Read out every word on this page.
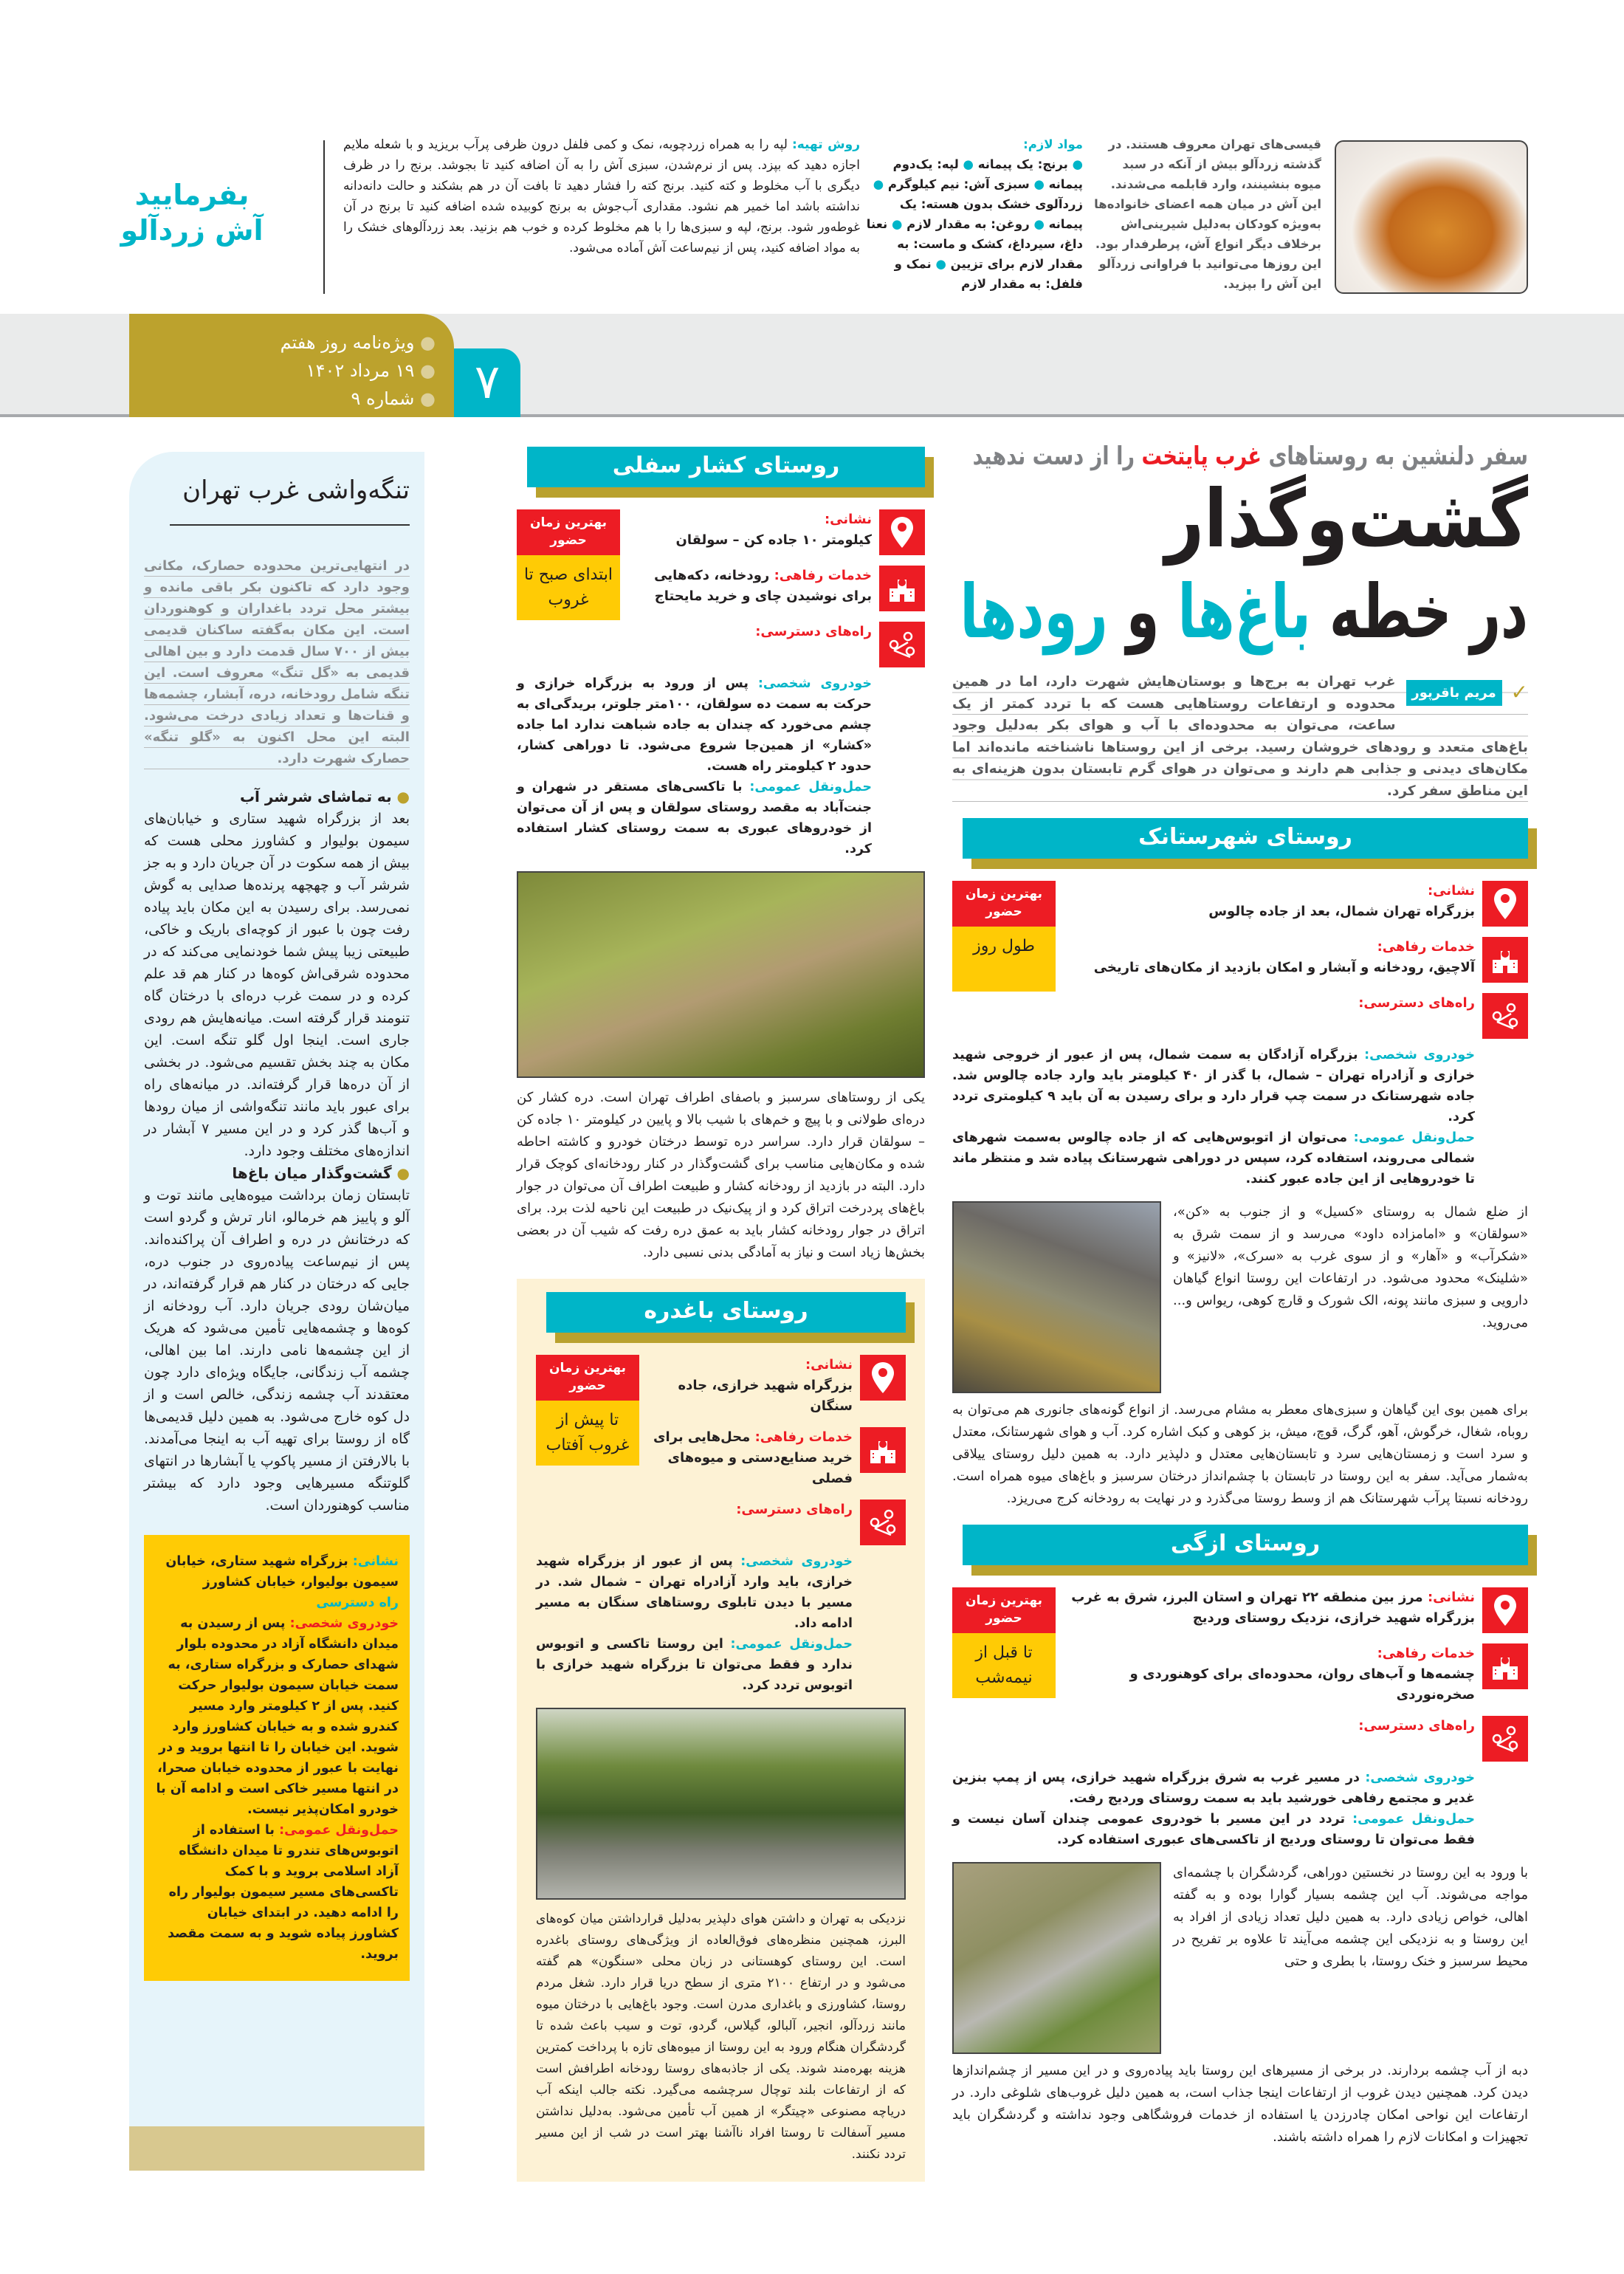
بفرمایید
آش زردآلو
روش تهیه: لپه را به همراه زردچوبه، نمک و کمی فلفل درون ظرفی پرآب بریزید و با شعله ملایم اجازه دهید که بپزد. پس از نرم‌شدن، سبزی آش را به آن اضافه کنید تا بجوشد. برنج را در ظرف دیگری با آب مخلوط و کته کنید. برنج کته را فشار دهید تا بافت آن در هم بشکند و حالت دانه‌دانه نداشته باشد اما خمیر هم نشود. مقداری آب‌جوش به برنج کوبیده شده اضافه کنید تا برنج در آن غوطه‌ور شود. برنج، لپه و سبزی‌ها را با هم مخلوط کرده و خوب هم بزنید. بعد زردآلوهای خشک را به مواد اضافه کنید، پس از نیم‌ساعت آش آماده می‌شود.
مواد لازم:
● برنج: یک پیمانه ● لپه: یک‌دوم پیمانه ● سبزی آش: نیم کیلوگرم ● زردآلوی خشک بدون هسته: یک پیمانه ● روغن: به مقدار لازم ● نعنا داغ، سیرداغ، کشک و ماست: به مقدار لازم برای تزیین ● نمک و فلفل: به مقدار لازم
قیسی‌های تهران معروف هستند. در گذشته زردآلو بیش از آنکه در سبد میوه بنشینند، وارد قابلمه می‌شدند. این آش در میان همه اعضای خانواده‌ها به‌ویژه کودکان به‌دلیل شیرینی‌اش برخلاف دیگر انواع آش، پرطرفدار بود. این روزها می‌توانید با فراوانی زردآلو این آش را بپزید.
● ویژه‌نامه روز هفتم
● ۱۹ مرداد ۱۴۰۲
● شماره ۹	۷
تنگه‌واشی غرب تهران
در انتهایی‌ترین محدوده حصارک، مکانی وجود دارد که تاکنون بکر باقی مانده و بیشتر محل تردد باغداران و کوهنوردان است. این مکان به‌گفته ساکنان قدیمی بیش از ۷۰۰ سال قدمت دارد و بین اهالی قدیمی به «گل تنگ» معروف است. این تنگه شامل رودخانه، دره، آبشار، چشمه‌ها و قنات‌ها و تعداد زیادی درخت می‌شود. البته این محل اکنون به «گلو تنگه» حصارک شهرت دارد.
● به تماشای شرشر آب
بعد از بزرگراه شهید ستاری و خیابان‌های سیمون بولیوار و کشاورز محلی هست که بیش از همه سکوت در آن جریان دارد و به جز شرشر آب و چهچهه پرنده‌ها صدایی به گوش نمی‌رسد. برای رسیدن به این مکان باید پیاده رفت چون با عبور از کوچه‌ای باریک و خاکی، طبیعتی زیبا پیش شما خودنمایی می‌کند که در محدوده شرقی‌اش کوه‌ها در کنار هم قد علم کرده و در سمت غرب دره‌ای با درختان گاه تنومند قرار گرفته است. میانه‌هایش هم رودی جاری است. اینجا اول گلو تنگه است. این مکان به چند بخش تقسیم می‌شود. در بخشی از آن دره‌ها قرار گرفته‌اند. در میانه‌های راه برای عبور باید مانند تنگه‌واشی از میان رودها و آب‌ها گذر کرد و در این مسیر ۷ آبشار در اندازه‌های مختلف وجود دارد.
● گشت‌وگذار میان باغ‌ها
تابستان زمان برداشت میوه‌هایی مانند توت و آلو و پاییز هم خرمالو، انار ترش و گردو است که درختانش در دره و اطراف آن پراکنده‌اند. پس از نیم‌ساعت پیاده‌روی در جنوب دره، جایی که درختان در کنار هم قرار گرفته‌اند، در میان‌شان رودی جریان دارد. آب رودخانه از کوه‌ها و چشمه‌هایی تأمین می‌شود که هریک از این چشمه‌ها نامی دارند. اما بین اهالی، چشمه آب زندگانی، جایگاه ویژه‌ای دارد چون معتقدند آب چشمه زندگی، خالص است و از دل کوه خارج می‌شود. به همین دلیل قدیمی‌ها گاه از روستا برای تهیه آب به اینجا می‌آمدند. با بالارفتن از مسیر پاکوپ یا آبشارها در انتهای گلوتنگه مسیرهایی وجود دارد که بیشتر مناسب کوهنوردان است.
نشانی: بزرگراه شهید ستاری، خیابان سیمون بولیوار، خیابان کشاورز
راه دسترسی
خودروی شخصی: پس از رسیدن به میدان دانشگاه آزاد در محدوده بلوار شهدای حصارک و بزرگراه ستاری، به سمت خیابان سیمون بولیوار حرکت کنید. پس از ۲ کیلومتر وارد مسیر کندرو شده و به خیابان کشاورز وارد شوید. این خیابان را تا انتها بروید و در نهایت با عبور از محدوده خیابان صحرا، در انتها مسیر خاکی است و ادامه آن با خودرو امکان‌پذیر نیست.
حمل‌ونقل عمومی: با استفاده از اتوبوس‌های تندرو تا میدان دانشگاه آزاد اسلامی بروید و با کمک تاکسی‌های مسیر سیمون بولیوار راه را ادامه دهید. در ابتدای خیابان کشاورز پیاده شوید و به سمت مقصد بروید.
روستای کشار سفلی
نشانی:
کیلومتر ۱۰ جاده کن – سولقان
خدمات رفاهی: رودخانه، دکه‌هایی برای نوشیدن چای و خرید مایحتاج
راه‌های دسترسی:
بهترین زمان حضور
ابتدای صبح تا غروب
خودروی شخصی: پس از ورود به بزرگراه خرازی و حرکت به سمت ده سولقان، ۱۰۰متر جلوتر، بریدگی‌ای به چشم می‌خورد که چندان به جاده شباهت ندارد اما جاده «کشار» از همین‌جا شروع می‌شود. تا دوراهی کشار، حدود ۲ کیلومتر راه هست.
حمل‌ونقل عمومی: با تاکسی‌های مستقر در شهران و جنت‌آباد به مقصد روستای سولقان و پس از آن می‌توان از خودروهای عبوری به سمت روستای کشار استفاده کرد.
یکی از روستاهای سرسبز و باصفای اطراف تهران است. دره کشار کن دره‌ای طولانی و با پیچ و خم‌های با شیب بالا و پایین در کیلومتر ۱۰ جاده کن – سولقان قرار دارد. سراسر دره توسط درختان خودرو و کاشته احاطه شده و مکان‌هایی مناسب برای گشت‌وگذار در کنار رودخانه‌ای کوچک قرار دارد. البته در بازدید از رودخانه کشار و طبیعت اطراف آن می‌توان در جوار باغ‌های پردرخت اتراق کرد و از پیک‌نیک در طبیعت این ناحیه لذت برد. برای اتراق در جوار رودخانه کشار باید به عمق دره رفت که شیب آن در بعضی بخش‌ها زیاد است و نیاز به آمادگی بدنی نسبی دارد.
روستای باغدره
نشانی:
بزرگراه شهید خرازی، جاده سنگان
خدمات رفاهی: محل‌هایی برای خرید صنایع‌دستی و میوه‌های فصلی
راه‌های دسترسی:
بهترین زمان حضور
تا پیش از غروب آفتاب
خودروی شخصی: پس از عبور از بزرگراه شهید خرازی، باید وارد آزادراه تهران – شمال شد. در مسیر با دیدن تابلوی روستاهای سنگان به مسیر ادامه داد.
حمل‌ونقل عمومی: این روستا تاکسی و اتوبوس ندارد و فقط می‌توان تا بزرگراه شهید خرازی با اتوبوس تردد کرد.
نزدیکی به تهران و داشتن هوای دلپذیر به‌دلیل قرارداشتن میان کوه‌های البرز، همچنین منظره‌های فوق‌العاده از ویژگی‌های روستای باغدره است. این روستای کوهستانی در زبان محلی «سنگون» هم گفته می‌شود و در ارتفاع ۲۱۰۰ متری از سطح دریا قرار دارد. شغل مردم روستا، کشاورزی و باغداری مدرن است. وجود باغ‌هایی با درختان میوه مانند زردآلو، انجیر، آلبالو، گیلاس، گردو، توت و سیب باعث شده تا گردشگران هنگام ورود به این روستا از میوه‌های تازه با پرداخت کمترین هزینه بهره‌مند شوند. یکی از جاذبه‌های روستا رودخانه اطرافش است که از ارتفاعات بلند توچال سرچشمه می‌گیرد. نکته جالب اینکه آب دریاچه مصنوعی «چیتگر» از همین آب تأمین می‌شود. به‌دلیل نداشتن مسیر آسفالت تا روستا افراد ناآشنا بهتر است در شب از این مسیر تردد نکنند.
سفر دلنشین به روستاهای غرب پایتخت را از دست ندهید
گشت‌وگذار
در خطه باغ‌ها و رودها
✓
مریم باقرپور
غرب تهران به برج‌ها و بوستان‌هایش شهرت دارد، اما در همین محدوده و ارتفاعات روستاهایی هست که با تردد کمتر از یک ساعت، می‌توان به محدوده‌ای با آب و هوای بکر به‌دلیل وجود باغ‌های متعدد و رودهای خروشان رسید. برخی از این روستاها ناشناخته مانده‌اند اما مکان‌های دیدنی و جذابی هم دارند و می‌توان در هوای گرم تابستان بدون هزینه‌ای به این مناطق سفر کرد.
روستای شهرستانک
نشانی:
بزرگراه تهران شمال، بعد از جاده چالوس
خدمات رفاهی:
آلاچیق، رودخانه و آبشار و امکان بازدید از مکان‌های تاریخی
راه‌های دسترسی:
بهترین زمان حضور
طول روز
خودروی شخصی: بزرگراه آزادگان به سمت شمال، پس از عبور از خروجی شهید خرازی و آزادراه تهران – شمال، با گذر از ۴۰ کیلومتر باید وارد جاده چالوس شد. جاده شهرستانک در سمت چپ قرار دارد و برای رسیدن به آن باید ۹ کیلومتری تردد کرد.
حمل‌ونقل عمومی: می‌توان از اتوبوس‌هایی که از جاده چالوس به‌سمت شهرهای شمالی می‌روند، استفاده کرد، سپس در دوراهی شهرستانک پیاده شد و منتظر ماند تا خودروهایی از این جاده عبور کنند.
از ضلع شمال به روستای «کسیل» و از جنوب به «کن»، «سولقان» و «امامزاده داود» می‌رسد و از سمت شرق به «شکرآب» و «آهار» و از سوی غرب به «سرک»، «لانیز» و «شلینک» محدود می‌شود. در ارتفاعات این روستا انواع گیاهان دارویی و سبزی مانند پونه، الک شورک و قارچ کوهی، ریواس و... می‌روید.
برای همین بوی این گیاهان و سبزی‌های معطر به مشام می‌رسد. از انواع گونه‌های جانوری هم می‌توان به روباه، شغال، خرگوش، آهو، گرگ، قوچ، میش، بز کوهی و کبک اشاره کرد. آب و هوای شهرستانک، معتدل و سرد است و زمستان‌هایی سرد و تابستان‌هایی معتدل و دلپذیر دارد. به همین دلیل روستای ییلاقی به‌شمار می‌آید. سفر به این روستا در تابستان با چشم‌انداز درختان سرسبز و باغ‌های میوه همراه است. رودخانه نسبتا پرآب شهرستانک هم از وسط روستا می‌گذرد و در نهایت به رودخانه کرج می‌ریزد.
روستای ازگی
نشانی: مرز بین منطقه ۲۲ تهران و استان البرز، شرق به غرب بزرگراه شهید خرازی، نزدیک روستای وردیج
خدمات رفاهی:
چشمه‌ها و آب‌های روان، محدوده‌ای برای کوهنوردی و صخره‌نوردی
راه‌های دسترسی:
بهترین زمان حضور
تا قبل از نیمه‌شب
خودروی شخصی: در مسیر غرب به شرق بزرگراه شهید خرازی، پس از پمپ بنزین غدیر و مجتمع رفاهی خورشید باید به سمت روستای وردیج رفت.
حمل‌ونقل عمومی: تردد در این مسیر با خودروی عمومی چندان آسان نیست و فقط می‌توان تا روستای وردیج از تاکسی‌های عبوری استفاده کرد.
با ورود به این روستا در نخستین دوراهی، گردشگران با چشمه‌ای مواجه می‌شوند. آب این چشمه بسیار گوارا بوده و به گفته اهالی، خواص زیادی دارد. به همین دلیل تعداد زیادی از افراد به این روستا و به نزدیکی این چشمه می‌آیند تا علاوه بر تفریح در محیط سرسبز و خنک روستا، با بطری و حتی
دبه از آب چشمه بردارند. در برخی از مسیرهای این روستا باید پیاده‌روی و در این مسیر از چشم‌اندازها دیدن کرد. همچنین دیدن غروب از ارتفاعات اینجا جذاب است، به همین دلیل غروب‌های شلوغی دارد. در ارتفاعات این نواحی امکان چادرزدن یا استفاده از خدمات فروشگاهی وجود نداشته و گردشگران باید تجهیزات و امکانات لازم را همراه داشته باشند.
